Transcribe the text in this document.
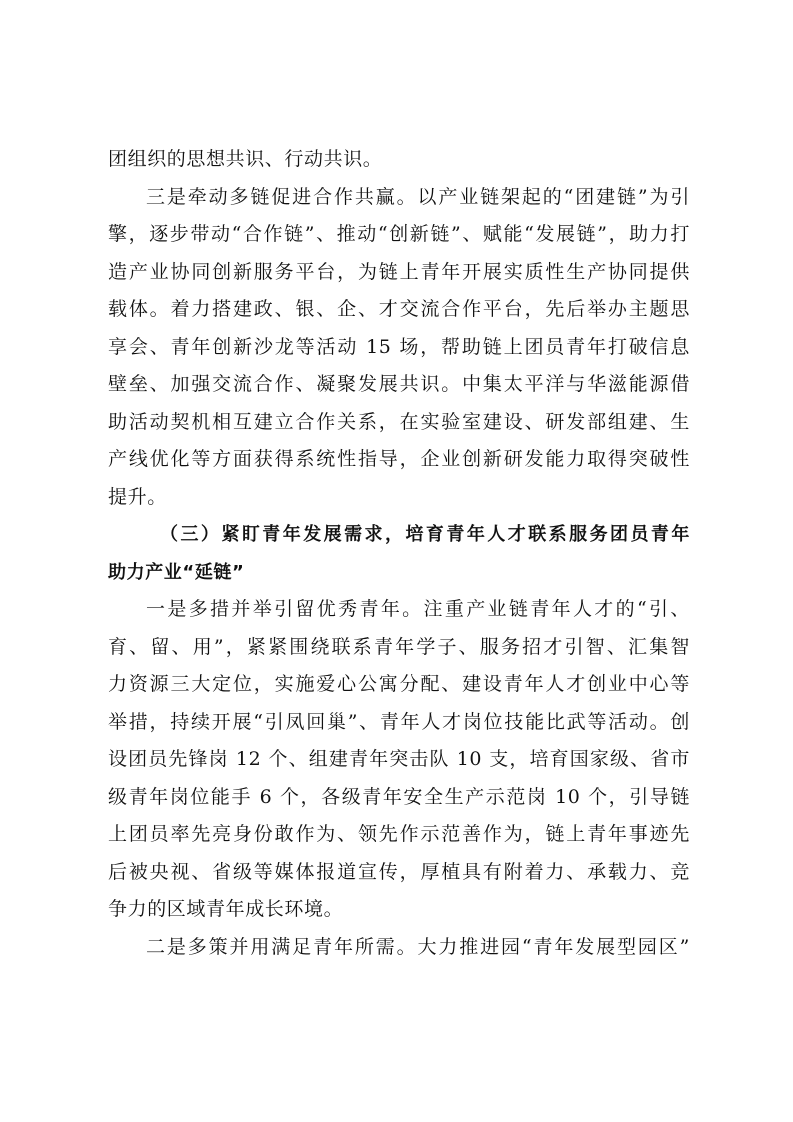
团组织的思想共识、行动共识。
三是牵动多链促进合作共赢。以产业链架起的“团建链”为引
擎，逐步带动“合作链”、推动“创新链”、赋能“发展链”，助力打
造产业协同创新服务平台，为链上青年开展实质性生产协同提供
载体。着力搭建政、银、企、才交流合作平台，先后举办主题思
享会、青年创新沙龙等活动 15 场，帮助链上团员青年打破信息
壁垒、加强交流合作、凝聚发展共识。中集太平洋与华滋能源借
助活动契机相互建立合作关系，在实验室建设、研发部组建、生
产线优化等方面获得系统性指导，企业创新研发能力取得突破性
提升。
（三）紧盯青年发展需求，培育青年人才联系服务团员青年
助力产业“延链”
一是多措并举引留优秀青年。注重产业链青年人才的“引、
育、留、用”，紧紧围绕联系青年学子、服务招才引智、汇集智
力资源三大定位，实施爱心公寓分配、建设青年人才创业中心等
举措，持续开展“引凤回巢”、青年人才岗位技能比武等活动。创
设团员先锋岗 12 个、组建青年突击队 10 支，培育国家级、省市
级青年岗位能手 6 个，各级青年安全生产示范岗 10 个，引导链
上团员率先亮身份敢作为、领先作示范善作为，链上青年事迹先
后被央视、省级等媒体报道宣传，厚植具有附着力、承载力、竞
争力的区域青年成长环境。
二是多策并用满足青年所需。大力推进园“青年发展型园区”
